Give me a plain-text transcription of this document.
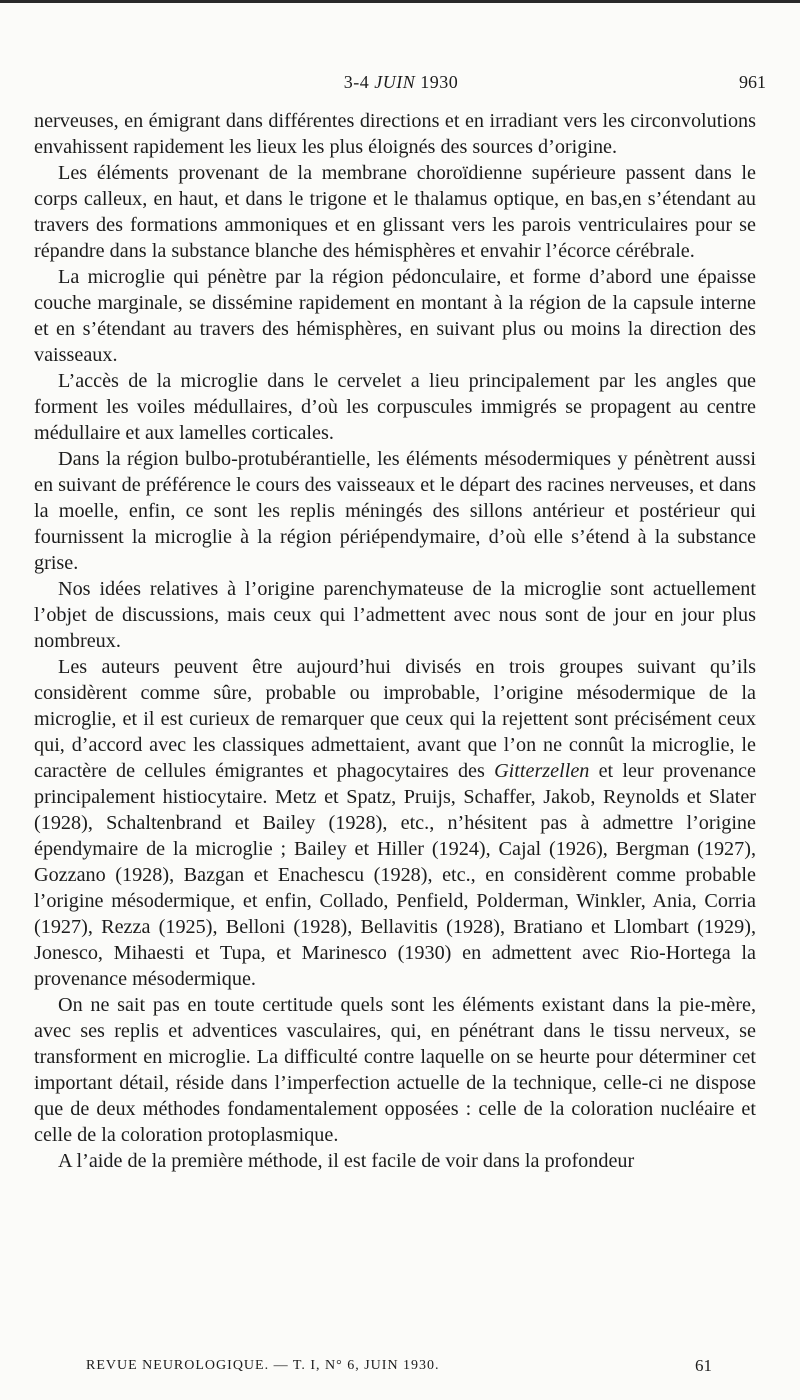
3-4 JUIN 1930	961

nerveuses, en émigrant dans différentes directions et en irradiant vers les circonvolutions envahissent rapidement les lieux les plus éloignés des sources d’origine.

Les éléments provenant de la membrane choroïdienne supérieure passent dans le corps calleux, en haut, et dans le trigone et le thalamus optique, en bas,en s’étendant au travers des formations ammoniques et en glissant vers les parois ventriculaires pour se répandre dans la substance blanche des hémisphères et envahir l’écorce cérébrale.

La microglie qui pénètre par la région pédonculaire, et forme d’abord une épaisse couche marginale, se dissémine rapidement en montant à la région de la capsule interne et en s’étendant au travers des hémisphères, en suivant plus ou moins la direction des vaisseaux.

L’accès de la microglie dans le cervelet a lieu principalement par les angles que forment les voiles médullaires, d’où les corpuscules immigrés se propagent au centre médullaire et aux lamelles corticales.

Dans la région bulbo-protubérantielle, les éléments mésodermiques y pénètrent aussi en suivant de préférence le cours des vaisseaux et le départ des racines nerveuses, et dans la moelle, enfin, ce sont les replis méningés des sillons antérieur et postérieur qui fournissent la microglie à la région périépendymaire, d’où elle s’étend à la substance grise.

Nos idées relatives à l’origine parenchymateuse de la microglie sont actuellement l’objet de discussions, mais ceux qui l’admettent avec nous sont de jour en jour plus nombreux.

Les auteurs peuvent être aujourd’hui divisés en trois groupes suivant qu’ils considèrent comme sûre, probable ou improbable, l’origine mésodermique de la microglie, et il est curieux de remarquer que ceux qui la rejettent sont précisément ceux qui, d’accord avec les classiques admettaient, avant que l’on ne connût la microglie, le caractère de cellules émigrantes et phagocytaires des Gitterzellen et leur provenance principalement histiocytaire. Metz et Spatz, Pruijs, Schaffer, Jakob, Reynolds et Slater (1928), Schaltenbrand et Bailey (1928), etc., n’hésitent pas à admettre l’origine épendymaire de la microglie ; Bailey et Hiller (1924), Cajal (1926), Bergman (1927), Gozzano (1928), Bazgan et Enachescu (1928), etc., en considèrent comme probable l’origine mésodermique, et enfin, Collado, Penfield, Polderman, Winkler, Ania, Corria (1927), Rezza (1925), Belloni (1928), Bellavitis (1928), Bratiano et Llombart (1929), Jonesco, Mihaesti et Tupa, et Marinesco (1930) en admettent avec Rio-Hortega la provenance mésodermique.

On ne sait pas en toute certitude quels sont les éléments existant dans la pie-mère, avec ses replis et adventices vasculaires, qui, en pénétrant dans le tissu nerveux, se transforment en microglie. La difficulté contre laquelle on se heurte pour déterminer cet important détail, réside dans l’imperfection actuelle de la technique, celle-ci ne dispose que de deux méthodes fondamentalement opposées : celle de la coloration nucléaire et celle de la coloration protoplasmique.

A l’aide de la première méthode, il est facile de voir dans la profondeur

REVUE NEUROLOGIQUE. — T. I, N° 6, JUIN 1930.	61
